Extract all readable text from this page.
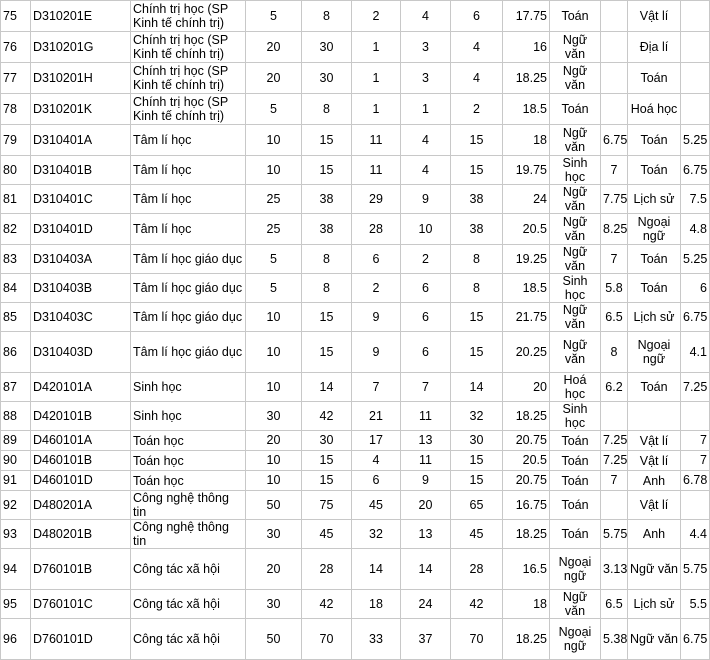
75	D310201E	Chính trị học (SP Kinh tế chính trị)	5	8	2	4	6	17.75	Toán		Vật lí	
76	D310201G	Chính trị học (SP Kinh tế chính trị)	20	30	1	3	4	16	Ngữ văn		Địa lí	
77	D310201H	Chính trị học (SP Kinh tế chính trị)	20	30	1	3	4	18.25	Ngữ văn		Toán	
78	D310201K	Chính trị học (SP Kinh tế chính trị)	5	8	1	1	2	18.5	Toán		Hoá học	
79	D310401A	Tâm lí học	10	15	11	4	15	18	Ngữ văn	6.75	Toán	5.25
80	D310401B	Tâm lí học	10	15	11	4	15	19.75	Sinh học	7	Toán	6.75
81	D310401C	Tâm lí học	25	38	29	9	38	24	Ngữ văn	7.75	Lịch sử	7.5
82	D310401D	Tâm lí học	25	38	28	10	38	20.5	Ngữ văn	8.25	Ngoại ngữ	4.8
83	D310403A	Tâm lí học giáo dục	5	8	6	2	8	19.25	Ngữ văn	7	Toán	5.25
84	D310403B	Tâm lí học giáo dục	5	8	2	6	8	18.5	Sinh học	5.8	Toán	6
85	D310403C	Tâm lí học giáo dục	10	15	9	6	15	21.75	Ngữ văn	6.5	Lịch sử	6.75
86	D310403D	Tâm lí học giáo dục	10	15	9	6	15	20.25	Ngữ văn	8	Ngoại ngữ	4.1
87	D420101A	Sinh học	10	14	7	7	14	20	Hoá học	6.2	Toán	7.25
88	D420101B	Sinh học	30	42	21	11	32	18.25	Sinh học			
89	D460101A	Toán học	20	30	17	13	30	20.75	Toán	7.25	Vật lí	7
90	D460101B	Toán học	10	15	4	11	15	20.5	Toán	7.25	Vật lí	7
91	D460101D	Toán học	10	15	6	9	15	20.75	Toán	7	Anh	6.78
92	D480201A	Công nghệ thông tin	50	75	45	20	65	16.75	Toán		Vật lí	
93	D480201B	Công nghệ thông tin	30	45	32	13	45	18.25	Toán	5.75	Anh	4.4
94	D760101B	Công tác xã hội	20	28	14	14	28	16.5	Ngoại ngữ	3.13	Ngữ văn	5.75
95	D760101C	Công tác xã hội	30	42	18	24	42	18	Ngữ văn	6.5	Lịch sử	5.5
96	D760101D	Công tác xã hội	50	70	33	37	70	18.25	Ngoại ngữ	5.38	Ngữ văn	6.75
